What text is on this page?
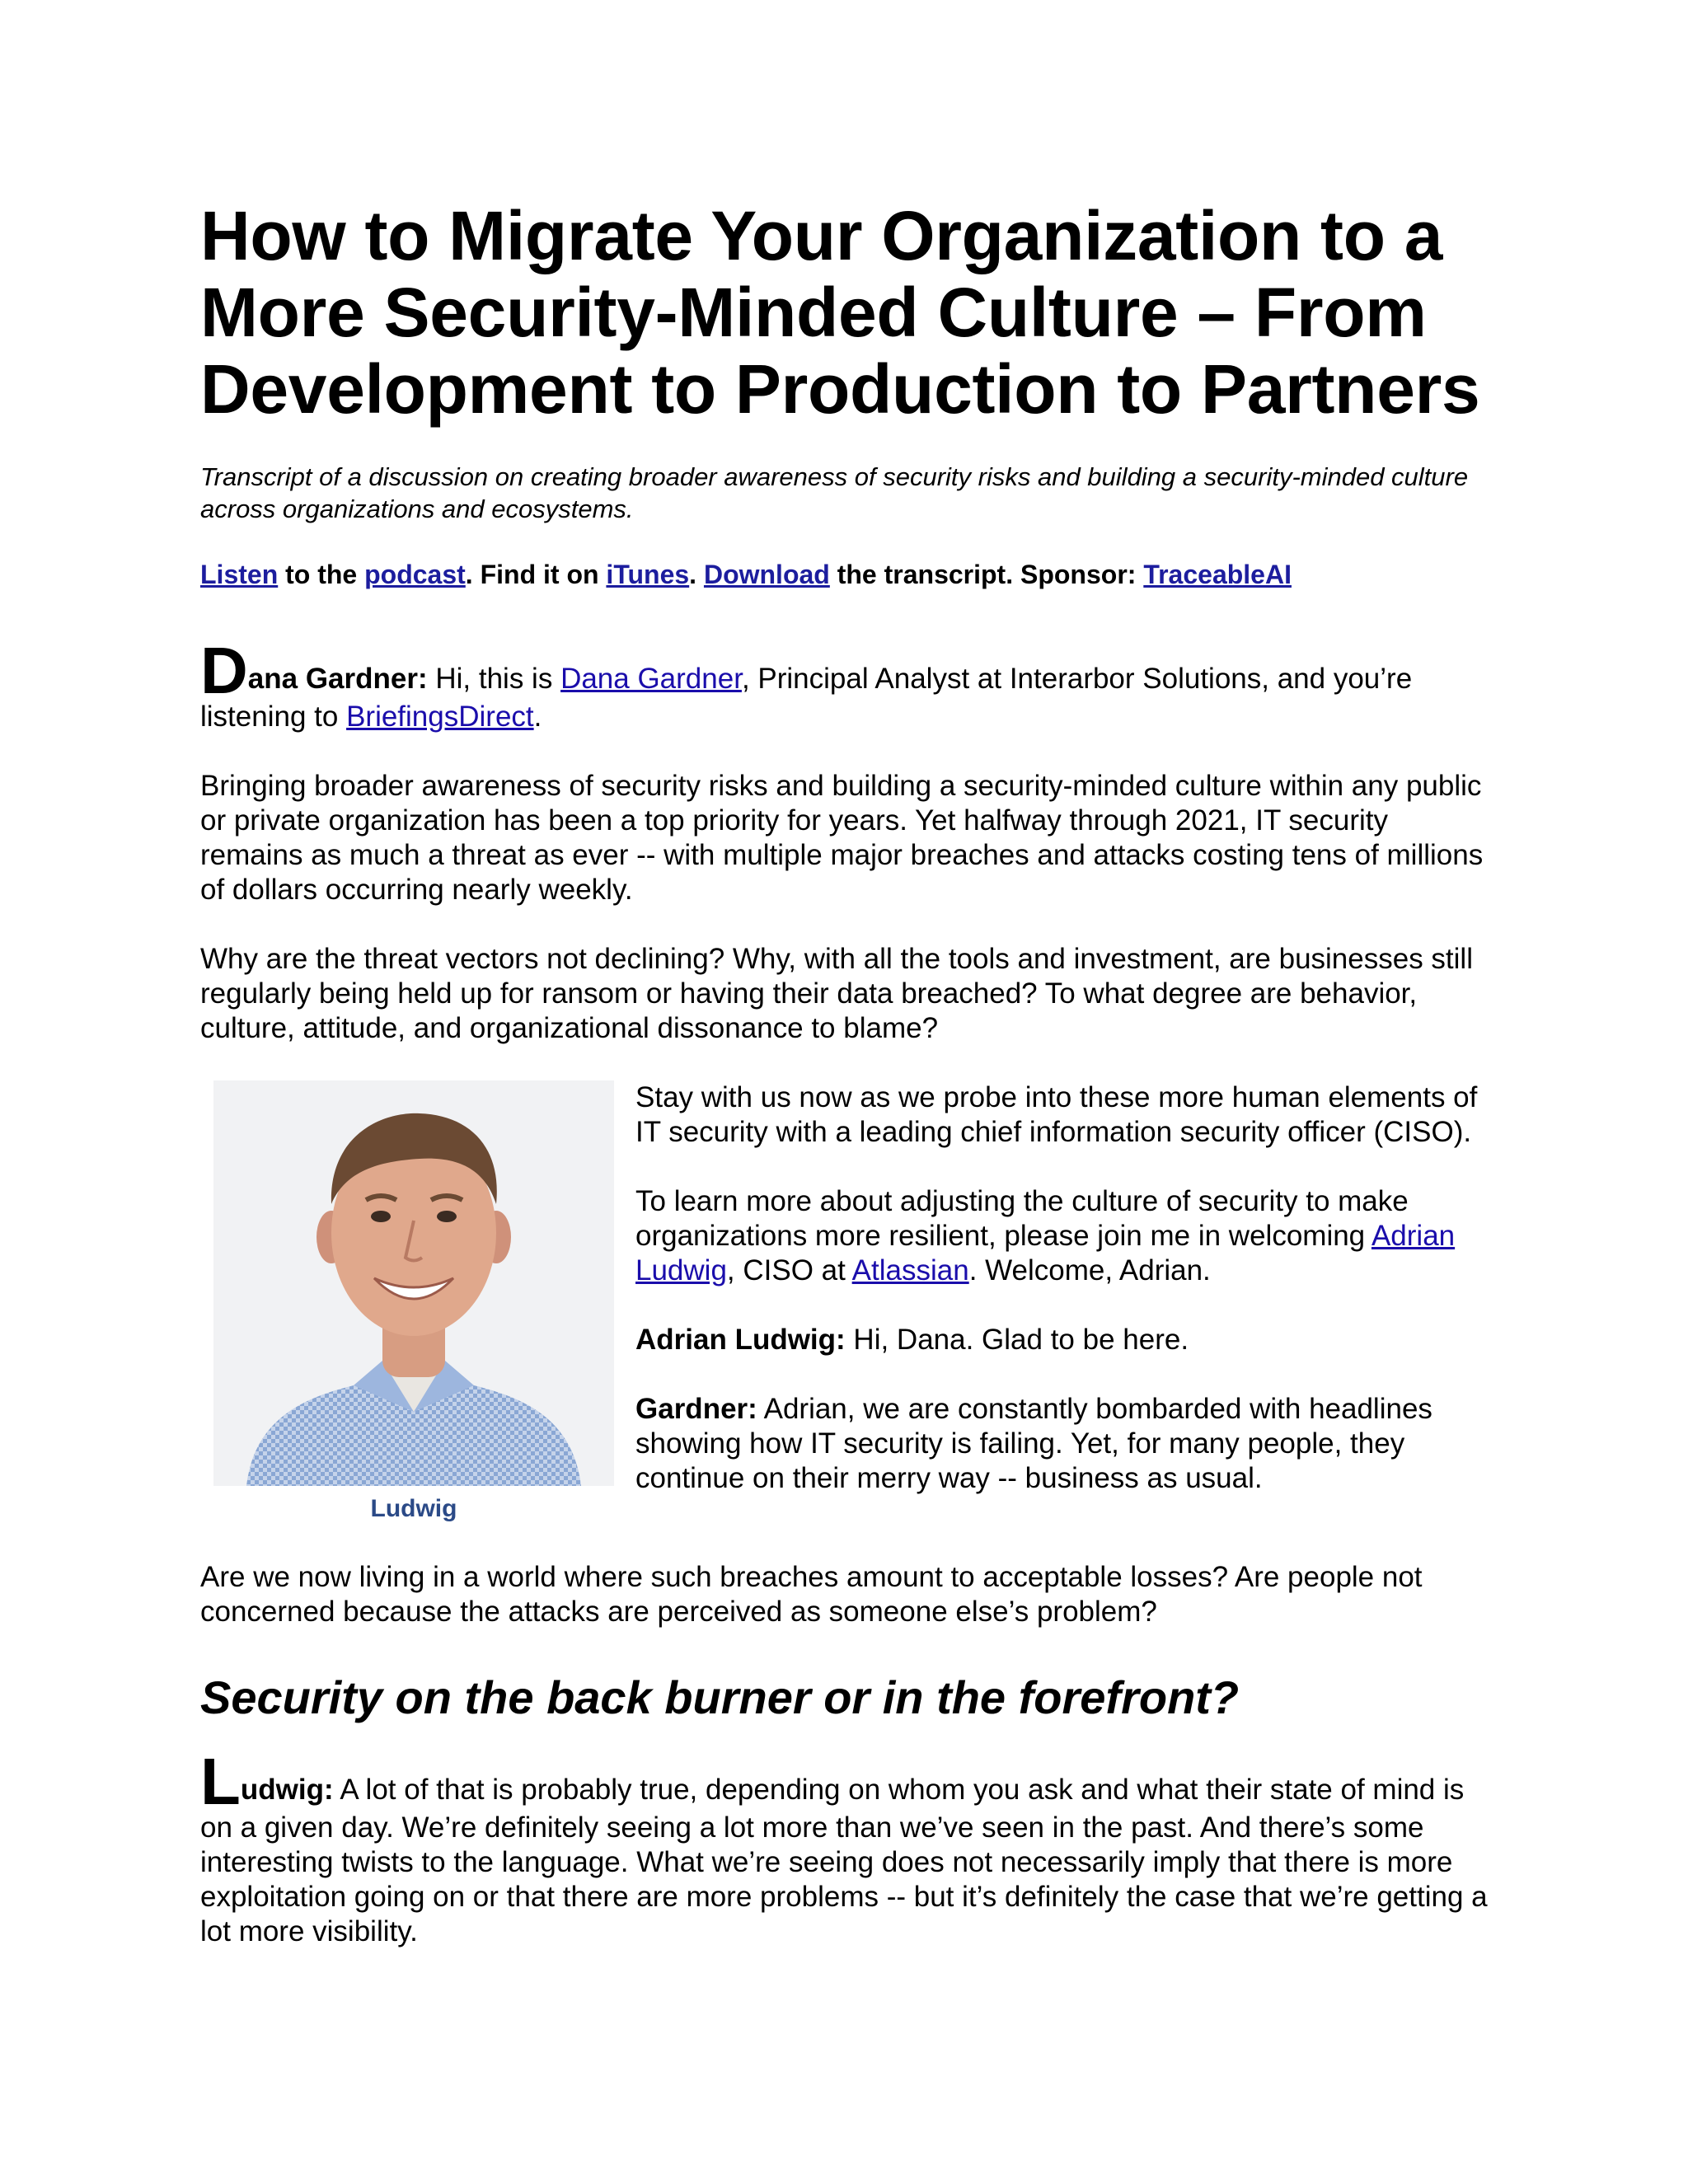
How to Migrate Your Organization to a More Security-Minded Culture – From Development to Production to Partners
Transcript of a discussion on creating broader awareness of security risks and building a security-minded culture across organizations and ecosystems.
Listen to the podcast. Find it on iTunes. Download the transcript. Sponsor: TraceableAI

Dana Gardner: Hi, this is Dana Gardner, Principal Analyst at Interarbor Solutions, and you’re listening to BriefingsDirect.

Bringing broader awareness of security risks and building a security-minded culture within any public or private organization has been a top priority for years. Yet halfway through 2021, IT security remains as much a threat as ever -- with multiple major breaches and attacks costing tens of millions of dollars occurring nearly weekly.

Why are the threat vectors not declining? Why, with all the tools and investment, are businesses still regularly being held up for ransom or having their data breached? To what degree are behavior, culture, attitude, and organizational dissonance to blame?

Ludwig

Stay with us now as we probe into these more human elements of IT security with a leading chief information security officer (CISO).

To learn more about adjusting the culture of security to make organizations more resilient, please join me in welcoming Adrian Ludwig, CISO at Atlassian. Welcome, Adrian.

Adrian Ludwig: Hi, Dana. Glad to be here.

Gardner: Adrian, we are constantly bombarded with headlines showing how IT security is failing. Yet, for many people, they continue on their merry way -- business as usual.

Are we now living in a world where such breaches amount to acceptable losses? Are people not concerned because the attacks are perceived as someone else’s problem?

Security on the back burner or in the forefront?

Ludwig: A lot of that is probably true, depending on whom you ask and what their state of mind is on a given day. We’re definitely seeing a lot more than we’ve seen in the past. And there’s some interesting twists to the language. What we’re seeing does not necessarily imply that there is more exploitation going on or that there are more problems -- but it’s definitely the case that we’re getting a lot more visibility.
